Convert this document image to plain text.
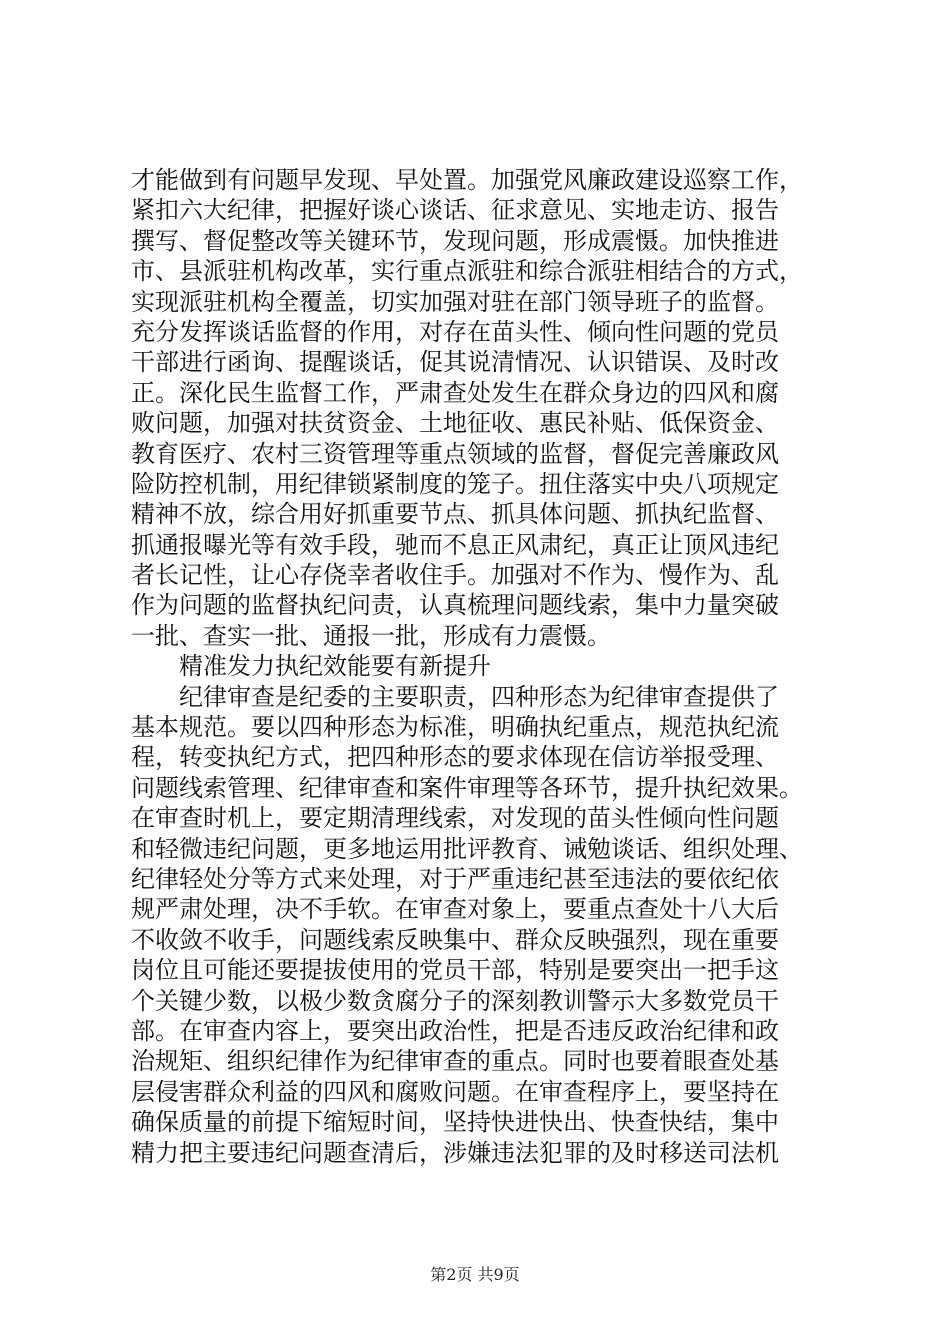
才能做到有问题早发现、早处置。加强党风廉政建设巡察工作，
紧扣六大纪律，把握好谈心谈话、征求意见、实地走访、报告
撰写、督促整改等关键环节，发现问题，形成震慑。加快推进
市、县派驻机构改革，实行重点派驻和综合派驻相结合的方式，
实现派驻机构全覆盖，切实加强对驻在部门领导班子的监督。
充分发挥谈话监督的作用，对存在苗头性、倾向性问题的党员
干部进行函询、提醒谈话，促其说清情况、认识错误、及时改
正。深化民生监督工作，严肃查处发生在群众身边的四风和腐
败问题，加强对扶贫资金、土地征收、惠民补贴、低保资金、
教育医疗、农村三资管理等重点领域的监督，督促完善廉政风
险防控机制，用纪律锁紧制度的笼子。扭住落实中央八项规定
精神不放，综合用好抓重要节点、抓具体问题、抓执纪监督、
抓通报曝光等有效手段，驰而不息正风肃纪，真正让顶风违纪
者长记性，让心存侥幸者收住手。加强对不作为、慢作为、乱
作为问题的监督执纪问责，认真梳理问题线索，集中力量突破
一批、查实一批、通报一批，形成有力震慑。
精准发力执纪效能要有新提升
纪律审查是纪委的主要职责，四种形态为纪律审查提供了
基本规范。要以四种形态为标准，明确执纪重点，规范执纪流
程，转变执纪方式，把四种形态的要求体现在信访举报受理、
问题线索管理、纪律审查和案件审理等各环节，提升执纪效果。
在审查时机上，要定期清理线索，对发现的苗头性倾向性问题
和轻微违纪问题，更多地运用批评教育、诫勉谈话、组织处理、
纪律轻处分等方式来处理，对于严重违纪甚至违法的要依纪依
规严肃处理，决不手软。在审查对象上，要重点查处十八大后
不收敛不收手，问题线索反映集中、群众反映强烈，现在重要
岗位且可能还要提拔使用的党员干部，特别是要突出一把手这
个关键少数，以极少数贪腐分子的深刻教训警示大多数党员干
部。在审查内容上，要突出政治性，把是否违反政治纪律和政
治规矩、组织纪律作为纪律审查的重点。同时也要着眼查处基
层侵害群众利益的四风和腐败问题。在审查程序上，要坚持在
确保质量的前提下缩短时间，坚持快进快出、快查快结，集中
精力把主要违纪问题查清后，涉嫌违法犯罪的及时移送司法机
第2页 共9页
